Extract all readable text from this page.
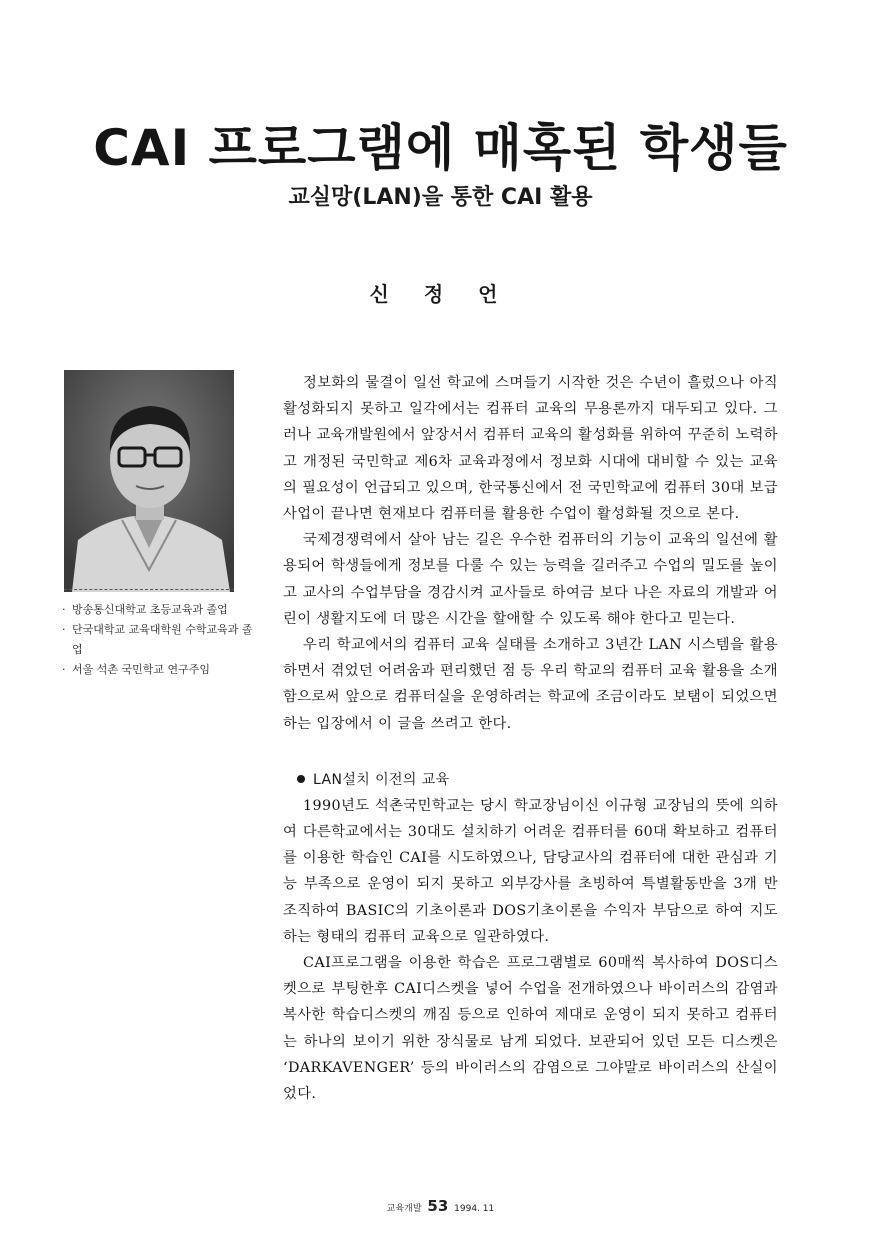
CAI 프로그램에 매혹된 학생들
교실망(LAN)을 통한 CAI 활용
신 정 언
· 방송통신대학교 초등교육과 졸업
· 단국대학교 교육대학원 수학교육과 졸업
· 서울 석촌 국민학교 연구주임

정보화의 물결이 일선 학교에 스며들기 시작한 것은 수년이 흘렀으나 아직 활성화되지 못하고 일각에서는 컴퓨터 교육의 무용론까지 대두되고 있다. 그러나 교육개발원에서 앞장서서 컴퓨터 교육의 활성화를 위하여 꾸준히 노력하고 개정된 국민학교 제6차 교육과정에서 정보화 시대에 대비할 수 있는 교육의 필요성이 언급되고 있으며, 한국통신에서 전 국민학교에 컴퓨터 30대 보급사업이 끝나면 현재보다 컴퓨터를 활용한 수업이 활성화될 것으로 본다.

국제경쟁력에서 살아 남는 길은 우수한 컴퓨터의 기능이 교육의 일선에 활용되어 학생들에게 정보를 다룰 수 있는 능력을 길러주고 수업의 밀도를 높이고 교사의 수업부담을 경감시켜 교사들로 하여금 보다 나은 자료의 개발과 어린이 생활지도에 더 많은 시간을 할애할 수 있도록 해야 한다고 믿는다.

우리 학교에서의 컴퓨터 교육 실태를 소개하고 3년간 LAN 시스템을 활용하면서 겪었던 어려움과 편리했던 점 등 우리 학교의 컴퓨터 교육 활용을 소개함으로써 앞으로 컴퓨터실을 운영하려는 학교에 조금이라도 보탬이 되었으면 하는 입장에서 이 글을 쓰려고 한다.

LAN설치 이전의 교육

1990년도 석촌국민학교는 당시 학교장님이신 이규형 교장님의 뜻에 의하여 다른학교에서는 30대도 설치하기 어려운 컴퓨터를 60대 확보하고 컴퓨터를 이용한 학습인 CAI를 시도하였으나, 담당교사의 컴퓨터에 대한 관심과 기능 부족으로 운영이 되지 못하고 외부강사를 초빙하여 특별활동반을 3개 반 조직하여 BASIC의 기초이론과 DOS기초이론을 수익자 부담으로 하여 지도하는 형태의 컴퓨터 교육으로 일관하였다.

CAI프로그램을 이용한 학습은 프로그램별로 60매씩 복사하여 DOS디스켓으로 부팅한후 CAI디스켓을 넣어 수업을 전개하였으나 바이러스의 감염과 복사한 학습디스켓의 깨짐 등으로 인하여 제대로 운영이 되지 못하고 컴퓨터는 하나의 보이기 위한 장식물로 남게 되었다. 보관되어 있던 모든 디스켓은 ‘DARKAVENGER’ 등의 바이러스의 감염으로 그야말로 바이러스의 산실이었다.

교육개발 53 1994. 11
